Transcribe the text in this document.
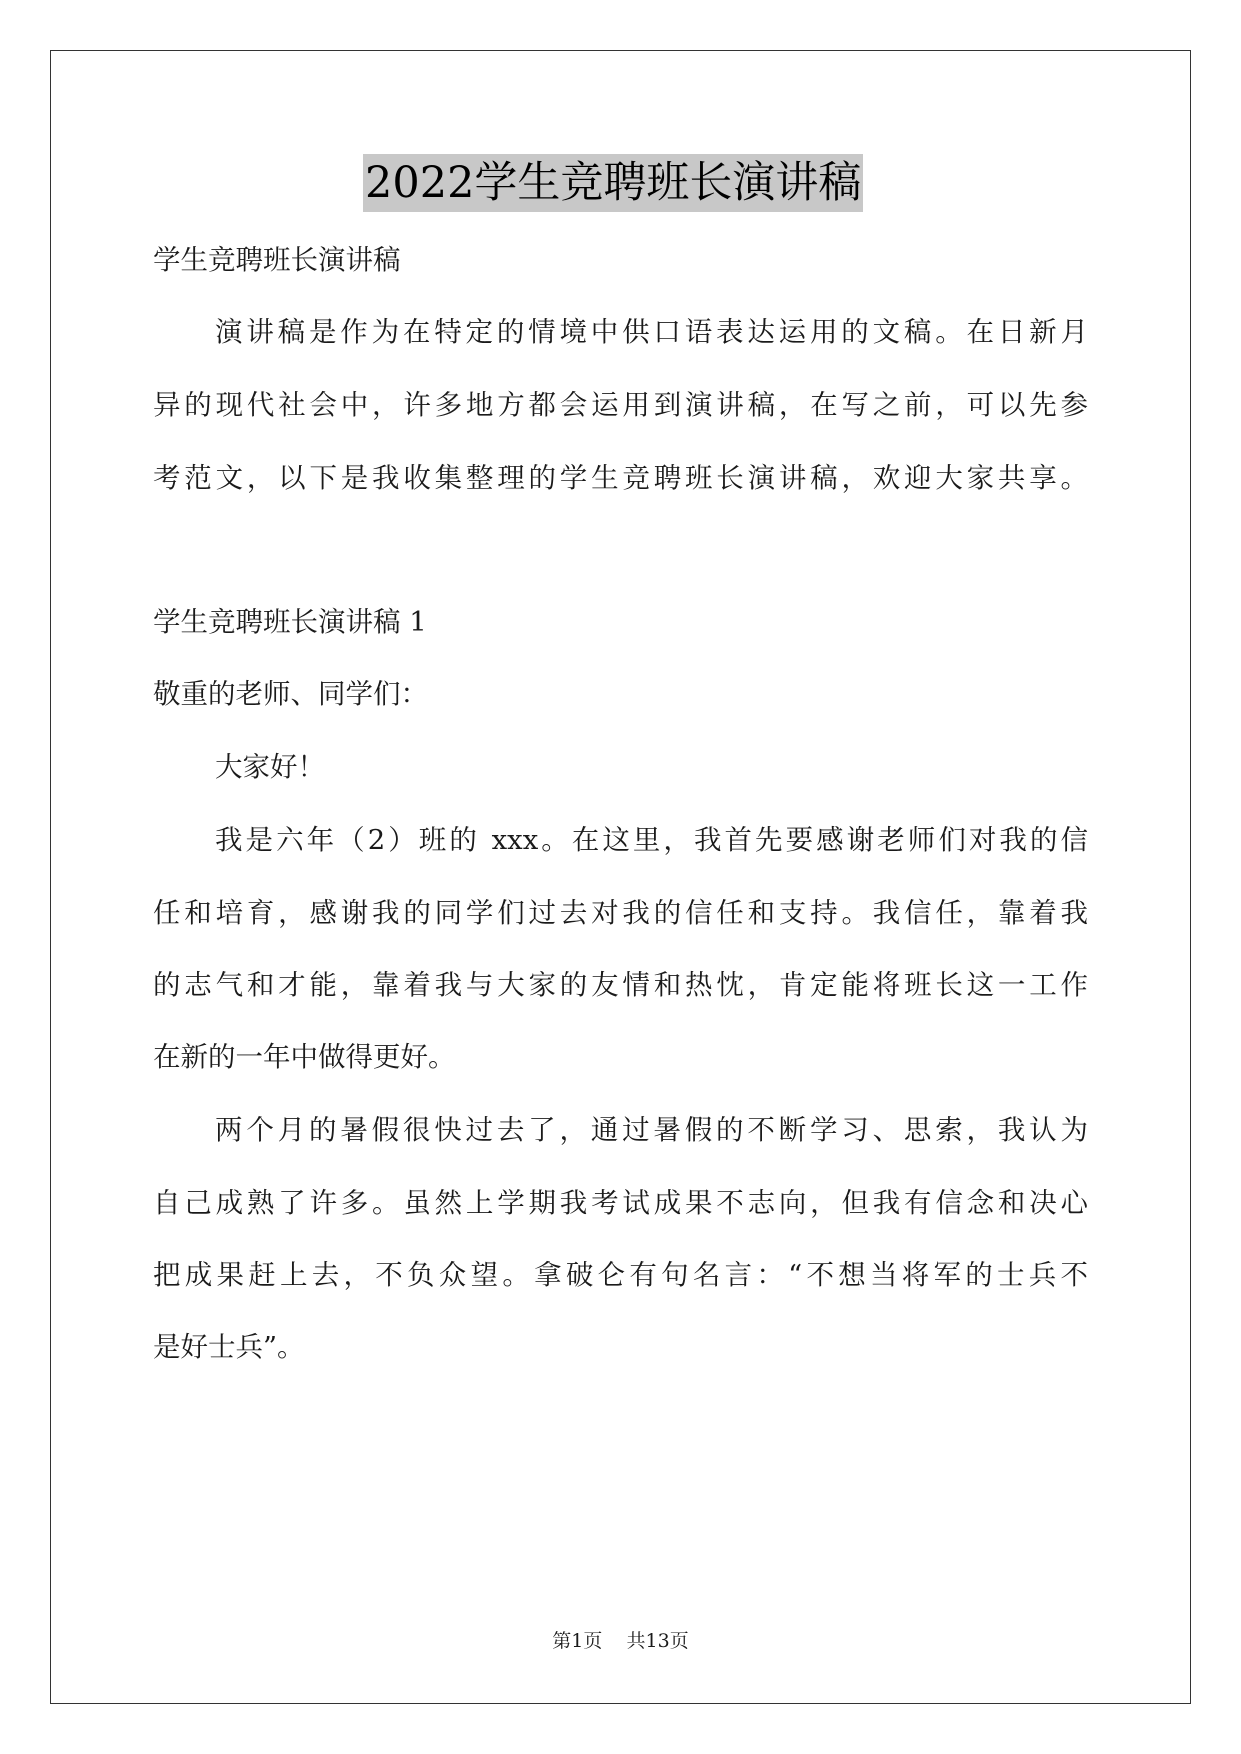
2022学生竞聘班长演讲稿
学生竞聘班长演讲稿
演讲稿是作为在特定的情境中供口语表达运用的文稿。在日新月
异的现代社会中，许多地方都会运用到演讲稿，在写之前，可以先参
考范文，以下是我收集整理的学生竞聘班长演讲稿，欢迎大家共享。
学生竞聘班长演讲稿 1
敬重的老师、同学们：
大家好！
我是六年（2）班的 xxx。在这里，我首先要感谢老师们对我的信
任和培育，感谢我的同学们过去对我的信任和支持。我信任，靠着我
的志气和才能，靠着我与大家的友情和热忱，肯定能将班长这一工作
在新的一年中做得更好。
两个月的暑假很快过去了，通过暑假的不断学习、思索，我认为
自己成熟了许多。虽然上学期我考试成果不志向，但我有信念和决心
把成果赶上去，不负众望。拿破仑有句名言：“不想当将军的士兵不
是好士兵”。
第1页    共13页
